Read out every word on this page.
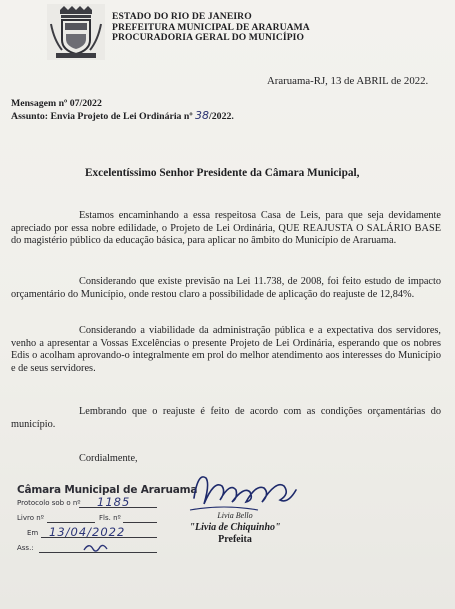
ESTADO DO RIO DE JANEIRO
PREFEITURA MUNICIPAL DE ARARUAMA
PROCURADORIA GERAL DO MUNICÍPIO
Araruama-RJ, 13 de ABRIL de 2022.
Mensagem nº 07/2022
Assunto: Envia Projeto de Lei Ordinária nº 38/2022.
Excelentíssimo Senhor Presidente da Câmara Municipal,
Estamos encaminhando a essa respeitosa Casa de Leis, para que seja devidamente apreciado por essa nobre edilidade, o Projeto de Lei Ordinária, QUE REAJUSTA O SALÁRIO BASE do magistério público da educação básica, para aplicar no âmbito do Município de Araruama.
Considerando que existe previsão na Lei 11.738, de 2008, foi feito estudo de impacto orçamentário do Município, onde restou claro a possibilidade de aplicação do reajuste de 12,84%.
Considerando a viabilidade da administração pública e a expectativa dos servidores, venho a apresentar a Vossas Excelências o presente Projeto de Lei Ordinária, esperando que os nobres Edis o acolham aprovando-o integralmente em prol do melhor atendimento aos interesses do Município e de seus servidores.
Lembrando que o reajuste é feito de acordo com as condições orçamentárias do município.
Cordialmente,
Câmara Municipal de Araruama
Protocolo sob o nº 1185
Livro nº	Fls. nº
Em 13/04/2022
Ass.:
Livia Bello
"Livia de Chiquinho"
Prefeita
